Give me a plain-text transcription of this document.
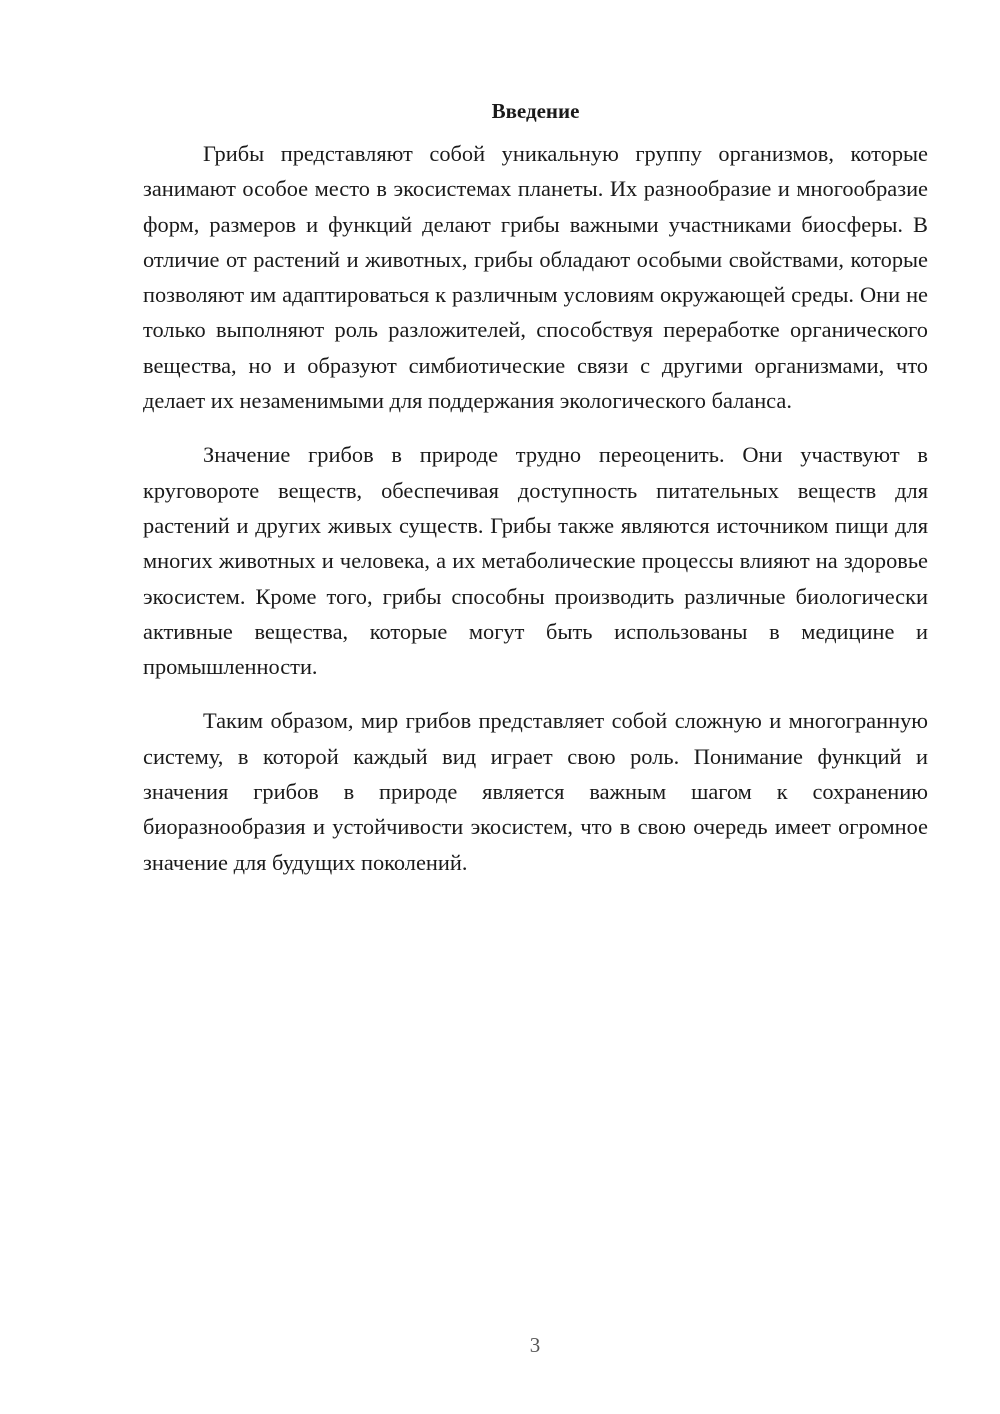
Введение

Грибы представляют собой уникальную группу организмов, которые занимают особое место в экосистемах планеты. Их разнообразие и многообразие форм, размеров и функций делают грибы важными участниками биосферы. В отличие от растений и животных, грибы обладают особыми свойствами, которые позволяют им адаптироваться к различным условиям окружающей среды. Они не только выполняют роль разложителей, способствуя переработке органического вещества, но и образуют симбиотические связи с другими организмами, что делает их незаменимыми для поддержания экологического баланса.

Значение грибов в природе трудно переоценить. Они участвуют в круговороте веществ, обеспечивая доступность питательных веществ для растений и других живых существ. Грибы также являются источником пищи для многих животных и человека, а их метаболические процессы влияют на здоровье экосистем. Кроме того, грибы способны производить различные биологически активные вещества, которые могут быть использованы в медицине и промышленности.

Таким образом, мир грибов представляет собой сложную и многогранную систему, в которой каждый вид играет свою роль. Понимание функций и значения грибов в природе является важным шагом к сохранению биоразнообразия и устойчивости экосистем, что в свою очередь имеет огромное значение для будущих поколений.

3
